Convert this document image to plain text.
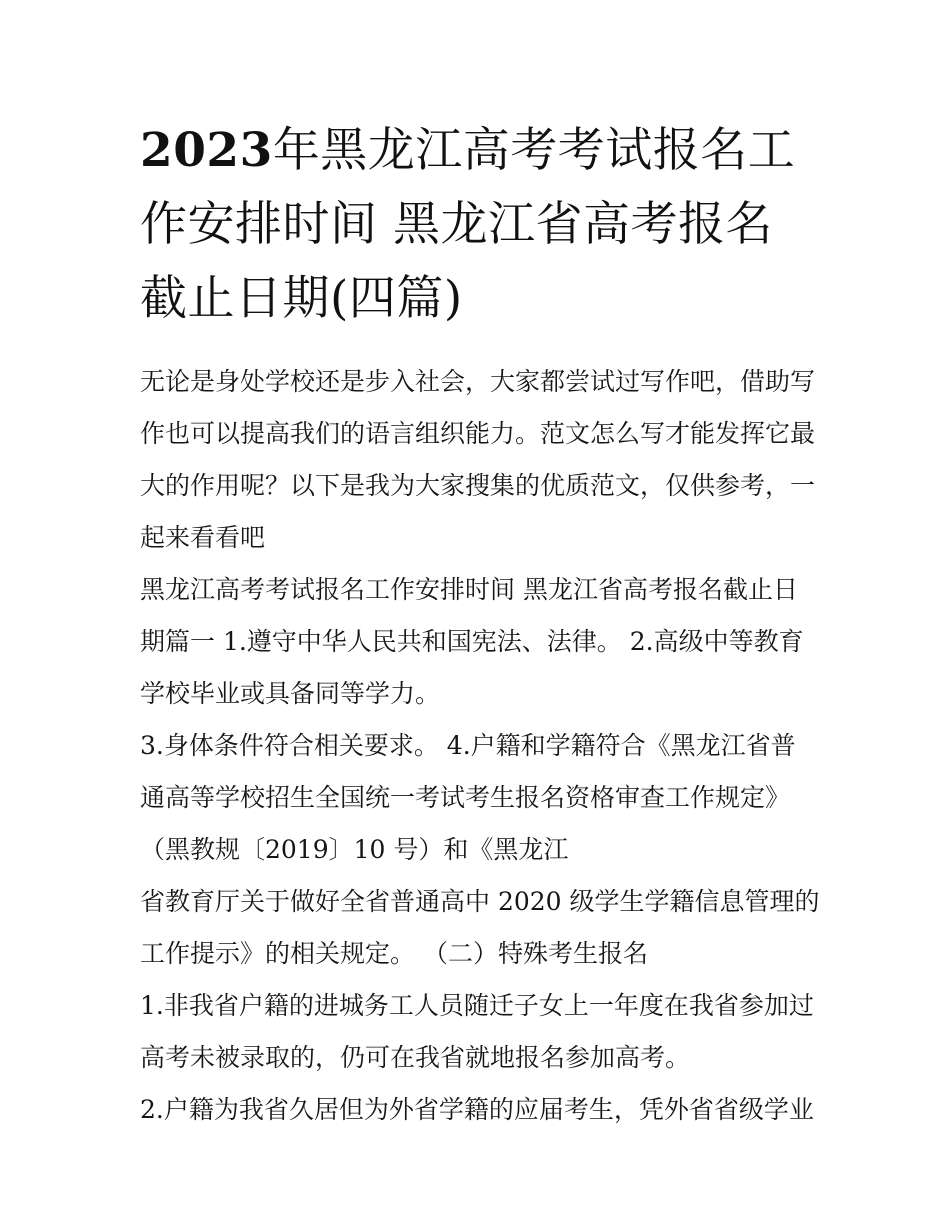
2023年黑龙江高考考试报名工作安排时间 黑龙江省高考报名截止日期(四篇)

无论是身处学校还是步入社会，大家都尝试过写作吧，借助写作也可以提高我们的语言组织能力。范文怎么写才能发挥它最大的作用呢？以下是我为大家搜集的优质范文，仅供参考，一起来看看吧

黑龙江高考考试报名工作安排时间 黑龙江省高考报名截止日期篇一 1.遵守中华人民共和国宪法、法律。 2.高级中等教育学校毕业或具备同等学力。

3.身体条件符合相关要求。 4.户籍和学籍符合《黑龙江省普通高等学校招生全国统一考试考生报名资格审查工作规定》（黑教规〔2019〕10 号）和《黑龙江

省教育厅关于做好全省普通高中 2020 级学生学籍信息管理的工作提示》的相关规定。 （二）特殊考生报名

1.非我省户籍的进城务工人员随迁子女上一年度在我省参加过高考未被录取的，仍可在我省就地报名参加高考。

2.户籍为我省久居但为外省学籍的应届考生，凭外省省级学业
